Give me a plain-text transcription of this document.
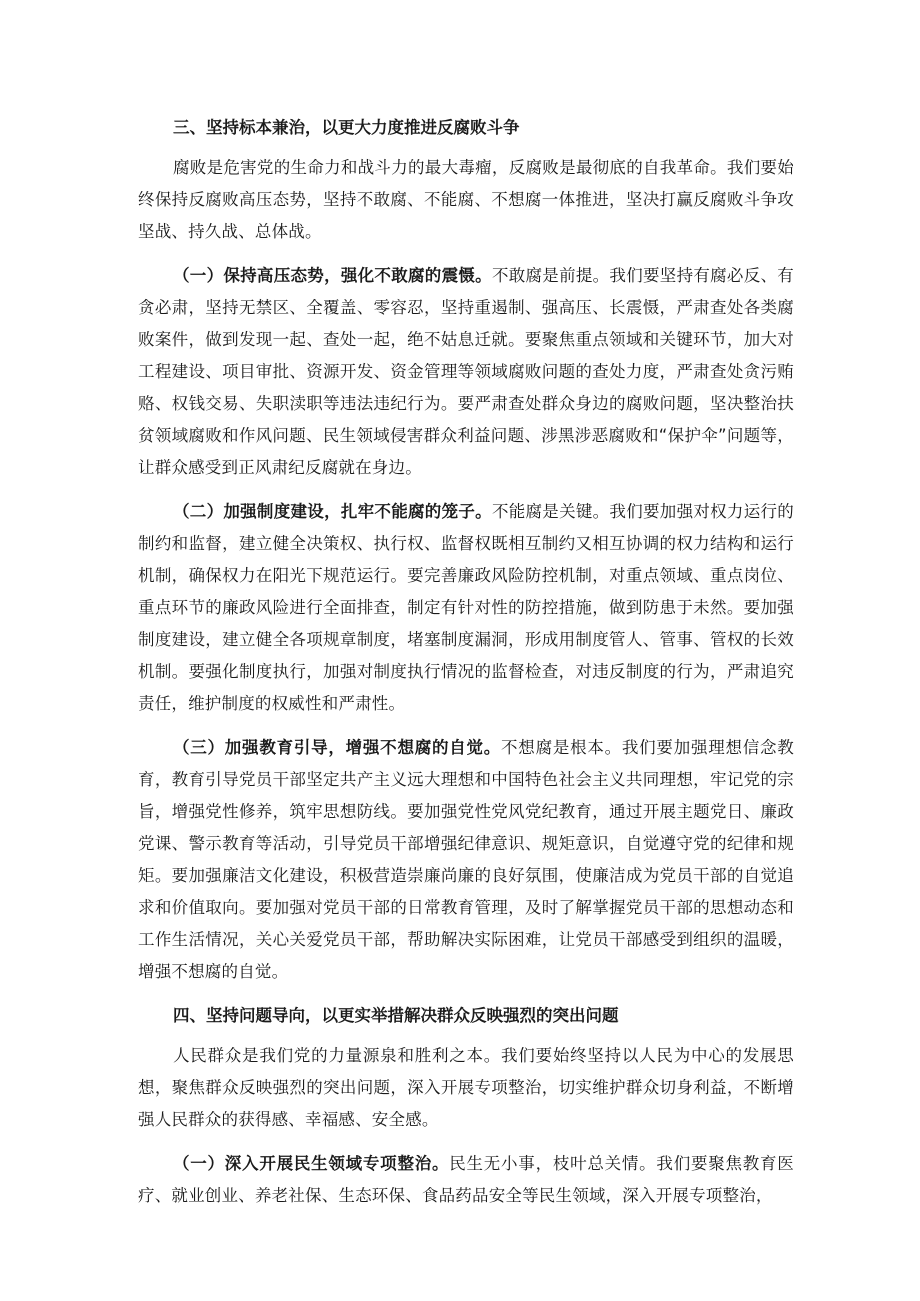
三、坚持标本兼治，以更大力度推进反腐败斗争

腐败是危害党的生命力和战斗力的最大毒瘤，反腐败是最彻底的自我革命。我们要始终保持反腐败高压态势，坚持不敢腐、不能腐、不想腐一体推进，坚决打赢反腐败斗争攻坚战、持久战、总体战。

（一）保持高压态势，强化不敢腐的震慑。不敢腐是前提。我们要坚持有腐必反、有贪必肃，坚持无禁区、全覆盖、零容忍，坚持重遏制、强高压、长震慑，严肃查处各类腐败案件，做到发现一起、查处一起，绝不姑息迁就。要聚焦重点领域和关键环节，加大对工程建设、项目审批、资源开发、资金管理等领域腐败问题的查处力度，严肃查处贪污贿赂、权钱交易、失职渎职等违法违纪行为。要严肃查处群众身边的腐败问题，坚决整治扶贫领域腐败和作风问题、民生领域侵害群众利益问题、涉黑涉恶腐败和“保护伞”问题等，让群众感受到正风肃纪反腐就在身边。

（二）加强制度建设，扎牢不能腐的笼子。不能腐是关键。我们要加强对权力运行的制约和监督，建立健全决策权、执行权、监督权既相互制约又相互协调的权力结构和运行机制，确保权力在阳光下规范运行。要完善廉政风险防控机制，对重点领域、重点岗位、重点环节的廉政风险进行全面排查，制定有针对性的防控措施，做到防患于未然。要加强制度建设，建立健全各项规章制度，堵塞制度漏洞，形成用制度管人、管事、管权的长效机制。要强化制度执行，加强对制度执行情况的监督检查，对违反制度的行为，严肃追究责任，维护制度的权威性和严肃性。

（三）加强教育引导，增强不想腐的自觉。不想腐是根本。我们要加强理想信念教育，教育引导党员干部坚定共产主义远大理想和中国特色社会主义共同理想，牢记党的宗旨，增强党性修养，筑牢思想防线。要加强党性党风党纪教育，通过开展主题党日、廉政党课、警示教育等活动，引导党员干部增强纪律意识、规矩意识，自觉遵守党的纪律和规矩。要加强廉洁文化建设，积极营造崇廉尚廉的良好氛围，使廉洁成为党员干部的自觉追求和价值取向。要加强对党员干部的日常教育管理，及时了解掌握党员干部的思想动态和工作生活情况，关心关爱党员干部，帮助解决实际困难，让党员干部感受到组织的温暖，增强不想腐的自觉。

四、坚持问题导向，以更实举措解决群众反映强烈的突出问题

人民群众是我们党的力量源泉和胜利之本。我们要始终坚持以人民为中心的发展思想，聚焦群众反映强烈的突出问题，深入开展专项整治，切实维护群众切身利益，不断增强人民群众的获得感、幸福感、安全感。

（一）深入开展民生领域专项整治。民生无小事，枝叶总关情。我们要聚焦教育医疗、就业创业、养老社保、生态环保、食品药品安全等民生领域，深入开展专项整治，
